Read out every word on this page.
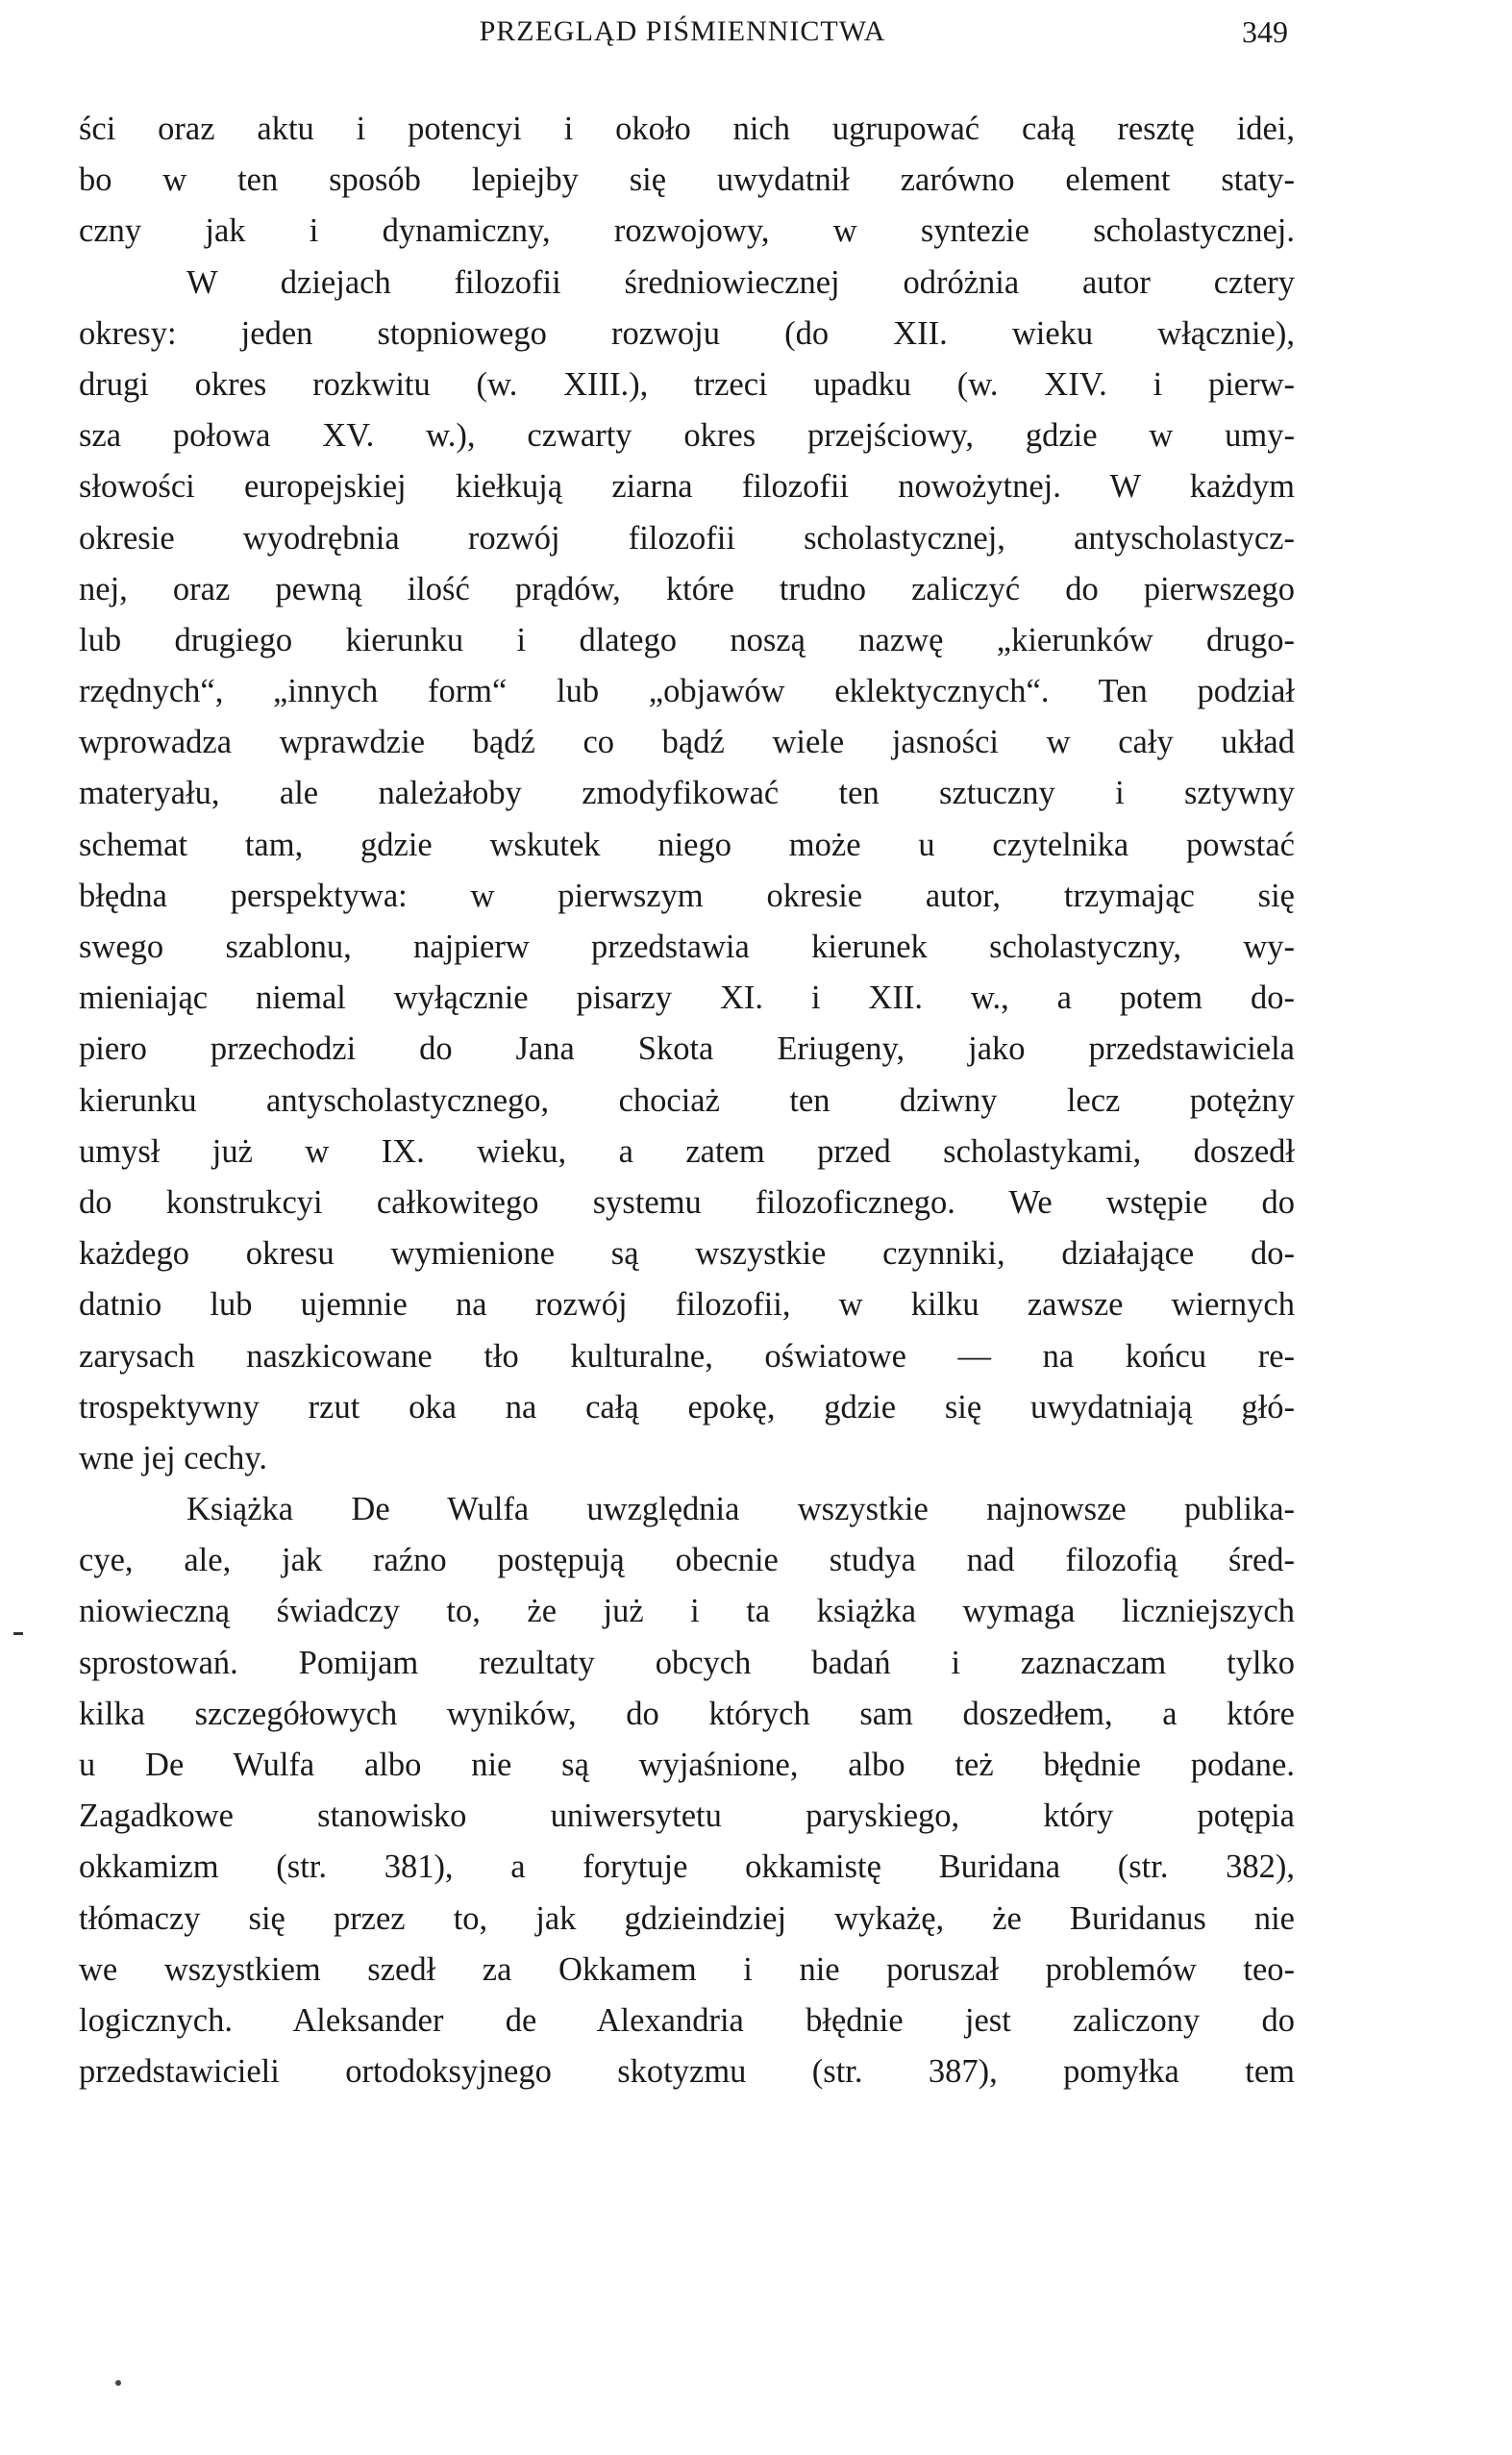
PRZEGLĄD PIŚMIENNICTWA	349
ści oraz aktu i potencyi i około nich ugrupować całą resztę idei,
bo w ten sposób lepiejby się uwydatnił zarówno element staty-
czny jak i dynamiczny, rozwojowy, w syntezie scholastycznej.
W dziejach filozofii średniowiecznej odróżnia autor cztery
okresy: jeden stopniowego rozwoju (do XII. wieku włącznie),
drugi okres rozkwitu (w. XIII.), trzeci upadku (w. XIV. i pierw-
sza połowa XV. w.), czwarty okres przejściowy, gdzie w umy-
słowości europejskiej kiełkują ziarna filozofii nowożytnej. W każdym
okresie wyodrębnia rozwój filozofii scholastycznej, antyscholastycz-
nej, oraz pewną ilość prądów, które trudno zaliczyć do pierwszego
lub drugiego kierunku i dlatego noszą nazwę „kierunków drugo-
rzędnych“, „innych form“ lub „objawów eklektycznych“. Ten podział
wprowadza wprawdzie bądź co bądź wiele jasności w cały układ
materyału, ale należałoby zmodyfikować ten sztuczny i sztywny
schemat tam, gdzie wskutek niego może u czytelnika powstać
błędna perspektywa: w pierwszym okresie autor, trzymając się
swego szablonu, najpierw przedstawia kierunek scholastyczny, wy-
mieniając niemal wyłącznie pisarzy XI. i XII. w., a potem do-
piero przechodzi do Jana Skota Eriugeny, jako przedstawiciela
kierunku antyscholastycznego, chociaż ten dziwny lecz potężny
umysł już w IX. wieku, a zatem przed scholastykami, doszedł
do konstrukcyi całkowitego systemu filozoficznego. We wstępie do
każdego okresu wymienione są wszystkie czynniki, działające do-
datnio lub ujemnie na rozwój filozofii, w kilku zawsze wiernych
zarysach naszkicowane tło kulturalne, oświatowe — na końcu re-
trospektywny rzut oka na całą epokę, gdzie się uwydatniają głó-
wne jej cechy.
Książka De Wulfa uwzględnia wszystkie najnowsze publika-
cye, ale, jak raźno postępują obecnie studya nad filozofią śred-
niowieczną świadczy to, że już i ta książka wymaga liczniejszych
sprostowań. Pomijam rezultaty obcych badań i zaznaczam tylko
kilka szczegółowych wyników, do których sam doszedłem, a które
u De Wulfa albo nie są wyjaśnione, albo też błędnie podane.
Zagadkowe stanowisko uniwersytetu paryskiego, który potępia
okkamizm (str. 381), a forytuje okkamistę Buridana (str. 382),
tłómaczy się przez to, jak gdzieindziej wykażę, że Buridanus nie
we wszystkiem szedł za Okkamem i nie poruszał problemów teo-
logicznych. Aleksander de Alexandria błędnie jest zaliczony do
przedstawicieli ortodoksyjnego skotyzmu (str. 387), pomyłka tem
